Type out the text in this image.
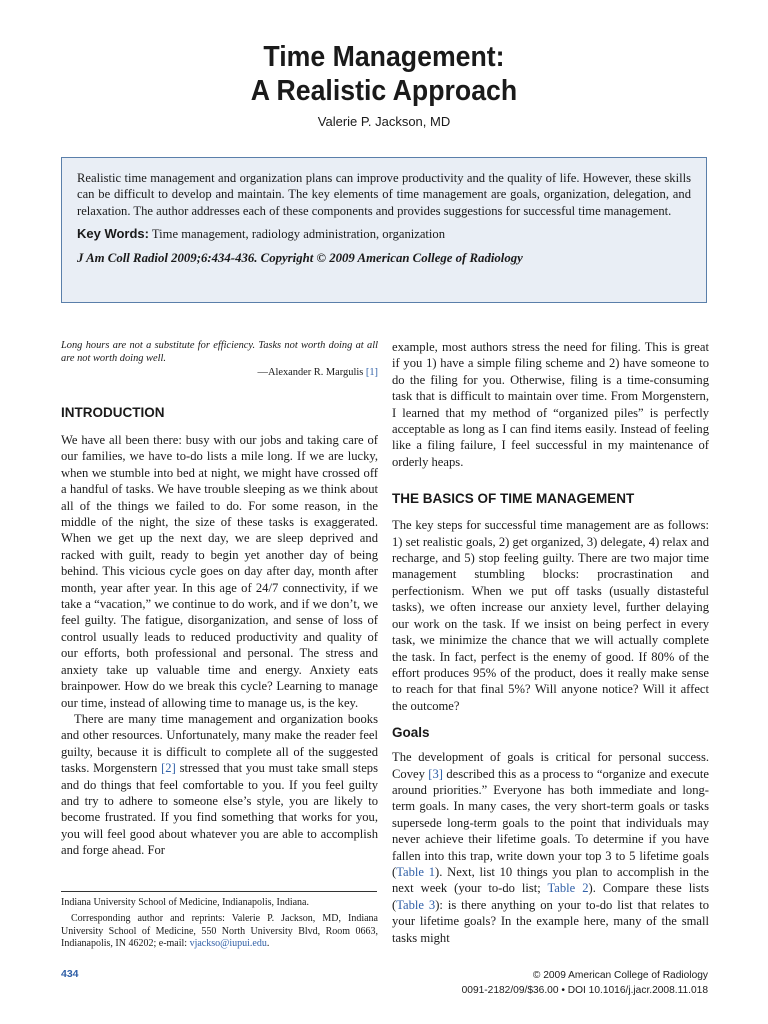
Time Management:
A Realistic Approach

Valerie P. Jackson, MD

Realistic time management and organization plans can improve productivity and the quality of life. However, these skills can be difficult to develop and maintain. The key elements of time management are goals, organization, delegation, and relaxation. The author addresses each of these components and provides suggestions for successful time management.

Key Words: Time management, radiology administration, organization

J Am Coll Radiol 2009;6:434-436. Copyright © 2009 American College of Radiology

Long hours are not a substitute for efficiency. Tasks not worth doing at all are not worth doing well.

—Alexander R. Margulis [1]

INTRODUCTION

We have all been there: busy with our jobs and taking care of our families, we have to-do lists a mile long. If we are lucky, when we stumble into bed at night, we might have crossed off a handful of tasks. We have trouble sleeping as we think about all of the things we failed to do. For some reason, in the middle of the night, the size of these tasks is exaggerated. When we get up the next day, we are sleep deprived and racked with guilt, ready to begin yet another day of being behind. This vicious cycle goes on day after day, month after month, year after year. In this age of 24/7 connectivity, if we take a “vacation,” we continue to do work, and if we don’t, we feel guilty. The fatigue, disorganization, and sense of loss of control usually leads to reduced productivity and quality of our efforts, both professional and personal. The stress and anxiety take up valuable time and energy. Anxiety eats brainpower. How do we break this cycle? Learning to manage our time, instead of allowing time to manage us, is the key.

There are many time management and organization books and other resources. Unfortunately, many make the reader feel guilty, because it is difficult to complete all of the suggested tasks. Morgenstern [2] stressed that you must take small steps and do things that feel comfortable to you. If you feel guilty and try to adhere to someone else’s style, you are likely to become frustrated. If you find something that works for you, you will feel good about whatever you are able to accomplish and forge ahead. For

example, most authors stress the need for filing. This is great if you 1) have a simple filing scheme and 2) have someone to do the filing for you. Otherwise, filing is a time-consuming task that is difficult to maintain over time. From Morgenstern, I learned that my method of “organized piles” is perfectly acceptable as long as I can find items easily. Instead of feeling like a filing failure, I feel successful in my maintenance of orderly heaps.

THE BASICS OF TIME MANAGEMENT

The key steps for successful time management are as follows: 1) set realistic goals, 2) get organized, 3) delegate, 4) relax and recharge, and 5) stop feeling guilty. There are two major time management stumbling blocks: procrastination and perfectionism. When we put off tasks (usually distasteful tasks), we often increase our anxiety level, further delaying our work on the task. If we insist on being perfect in every task, we minimize the chance that we will actually complete the task. In fact, perfect is the enemy of good. If 80% of the effort produces 95% of the product, does it really make sense to reach for that final 5%? Will anyone notice? Will it affect the outcome?

Goals

The development of goals is critical for personal success. Covey [3] described this as a process to “organize and execute around priorities.” Everyone has both immediate and long-term goals. In many cases, the very short-term goals or tasks supersede long-term goals to the point that individuals may never achieve their lifetime goals. To determine if you have fallen into this trap, write down your top 3 to 5 lifetime goals (Table 1). Next, list 10 things you plan to accomplish in the next week (your to-do list; Table 2). Compare these lists (Table 3): is there anything on your to-do list that relates to your lifetime goals? In the example here, many of the small tasks might

Indiana University School of Medicine, Indianapolis, Indiana.

Corresponding author and reprints: Valerie P. Jackson, MD, Indiana University School of Medicine, 550 North University Blvd, Room 0663, Indianapolis, IN 46202; e-mail: vjackso@iupui.edu.

434	© 2009 American College of Radiology
0091-2182/09/$36.00 • DOI 10.1016/j.jacr.2008.11.018
